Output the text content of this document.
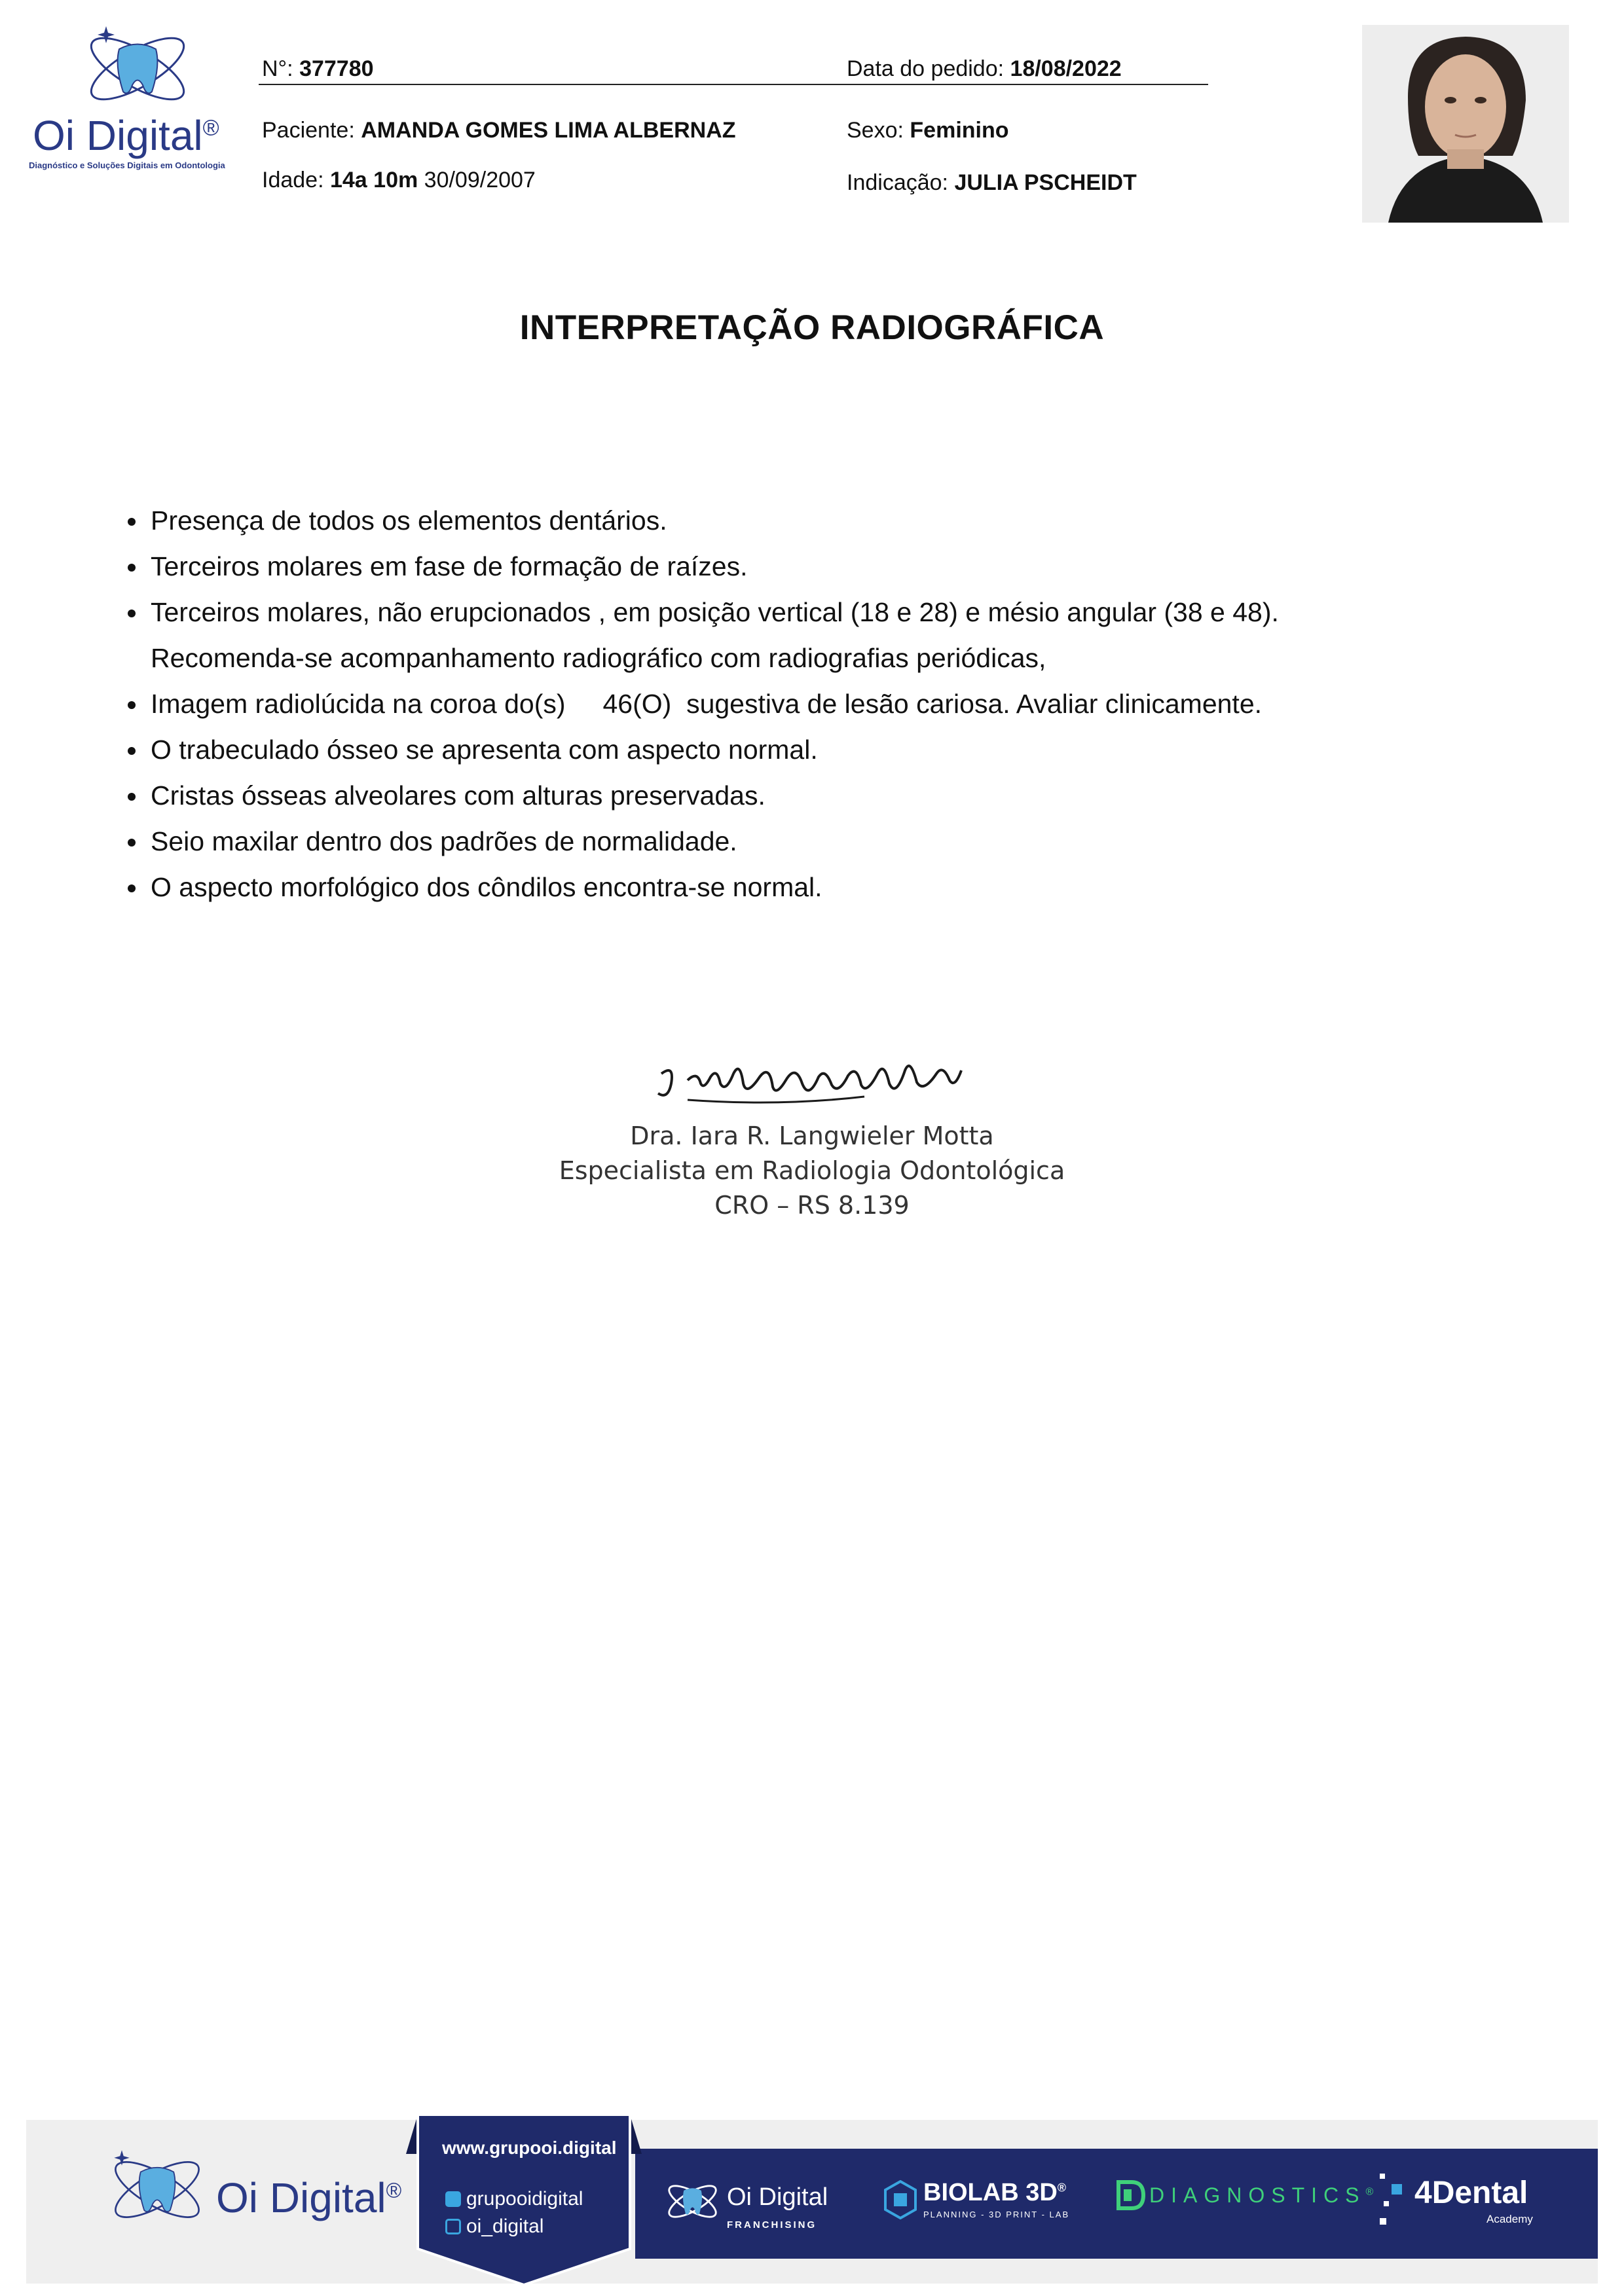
Oi Digital®
Diagnóstico e Soluções Digitais em Odontologia
N°: 377780	Data do pedido: 18/08/2022
Paciente: AMANDA GOMES LIMA ALBERNAZ	Sexo: Feminino
Idade: 14a 10m 30/09/2007	Indicação: JULIA PSCHEIDT
INTERPRETAÇÃO RADIOGRÁFICA
Presença de todos os elementos dentários.
Terceiros molares em fase de formação de raízes.
Terceiros molares, não erupcionados , em posição vertical (18 e 28) e mésio angular (38 e 48).
Recomenda-se acompanhamento radiográfico com radiografias periódicas,
Imagem radiolúcida na coroa do(s)     46(O)  sugestiva de lesão cariosa. Avaliar clinicamente.
O trabeculado ósseo se apresenta com aspecto normal.
Cristas ósseas alveolares com alturas preservadas.
Seio maxilar dentro dos padrões de normalidade.
O aspecto morfológico dos côndilos encontra-se normal.
Dra. Iara R. Langwieler Motta
Especialista em Radiologia Odontológica
CRO – RS 8.139
Oi Digital®
www.grupooi.digital
grupooidigital
oi_digital
Oi Digital
FRANCHISING
BIOLAB 3D®
PLANNING - 3D PRINT - LAB
DIAGNOSTICS® 4Dental
Academy
